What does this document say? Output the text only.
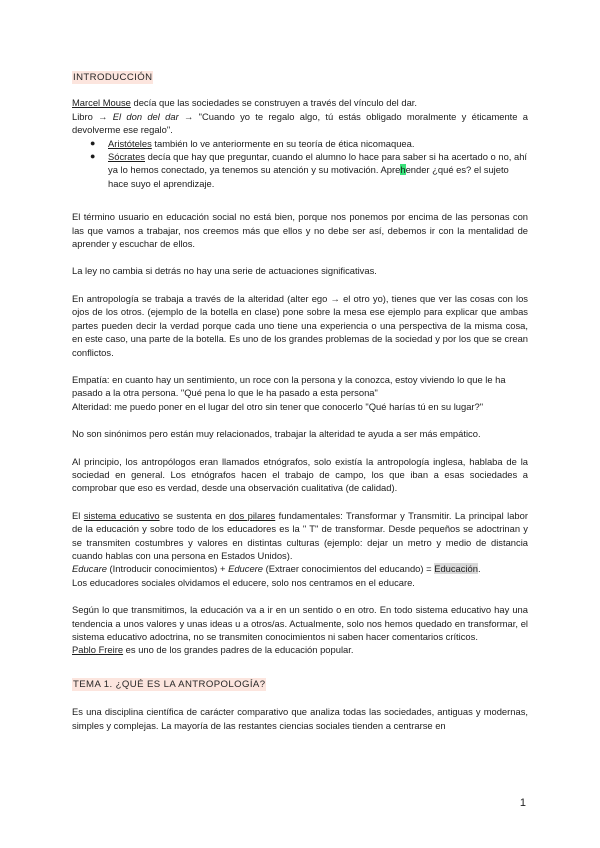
INTRODUCCIÓN

Marcel Mouse decía que las sociedades se construyen a través del vínculo del dar.

Libro → El don del dar → "Cuando yo te regalo algo, tú estás obligado moralmente y éticamente a devolverme ese regalo".

● Aristóteles también lo ve anteriormente en su teoría de ética nicomaquea.
● Sócrates decía que hay que preguntar, cuando el alumno lo hace para saber si ha acertado o no, ahí ya lo hemos conectado, ya tenemos su atención y su motivación. Aprehender ¿qué es? el sujeto hace suyo el aprendizaje.

El término usuario en educación social no está bien, porque nos ponemos por encima de las personas con las que vamos a trabajar, nos creemos más que ellos y no debe ser así, debemos ir con la mentalidad de aprender y escuchar de ellos.

La ley no cambia si detrás no hay una serie de actuaciones significativas.

En antropología se trabaja a través de la alteridad (alter ego → el otro yo), tienes que ver las cosas con los ojos de los otros. (ejemplo de la botella en clase) pone sobre la mesa ese ejemplo para explicar que ambas partes pueden decir la verdad porque cada uno tiene una experiencia o una perspectiva de la misma cosa, en este caso, una parte de la botella. Es uno de los grandes problemas de la sociedad y por los que se crean conflictos.

Empatía: en cuanto hay un sentimiento, un roce con la persona y la conozca, estoy viviendo lo que le ha pasado a la otra persona. "Qué pena lo que le ha pasado a esta persona"

Alteridad: me puedo poner en el lugar del otro sin tener que conocerlo "Qué harías tú en su lugar?"

No son sinónimos pero están muy relacionados, trabajar la alteridad te ayuda a ser más empático.

Al principio, los antropólogos eran llamados etnógrafos, solo existía la antropología inglesa, hablaba de la sociedad en general. Los etnógrafos hacen el trabajo de campo, los que iban a esas sociedades a comprobar que eso es verdad, desde una observación cualitativa (de calidad).

El sistema educativo se sustenta en dos pilares fundamentales: Transformar y Transmitir. La principal labor de la educación y sobre todo de los educadores es la " T" de transformar. Desde pequeños se adoctrinan y se transmiten costumbres y valores en distintas culturas (ejemplo: dejar un metro y medio de distancia cuando hablas con una persona en Estados Unidos).

Educare (Introducir conocimientos) + Educere (Extraer conocimientos del educando) = Educación.

Los educadores sociales olvidamos el educere, solo nos centramos en el educare.

Según lo que transmitimos, la educación va a ir en un sentido o en otro. En todo sistema educativo hay una tendencia a unos valores y unas ideas u a otros/as. Actualmente, solo nos hemos quedado en transformar, el sistema educativo adoctrina, no se transmiten conocimientos ni saben hacer comentarios críticos.

Pablo Freire es uno de los grandes padres de la educación popular.

TEMA 1. ¿QUÉ ES LA ANTROPOLOGÍA?

Es una disciplina científica de carácter comparativo que analiza todas las sociedades, antiguas y modernas, simples y complejas. La mayoría de las restantes ciencias sociales tienden a centrarse en

1
